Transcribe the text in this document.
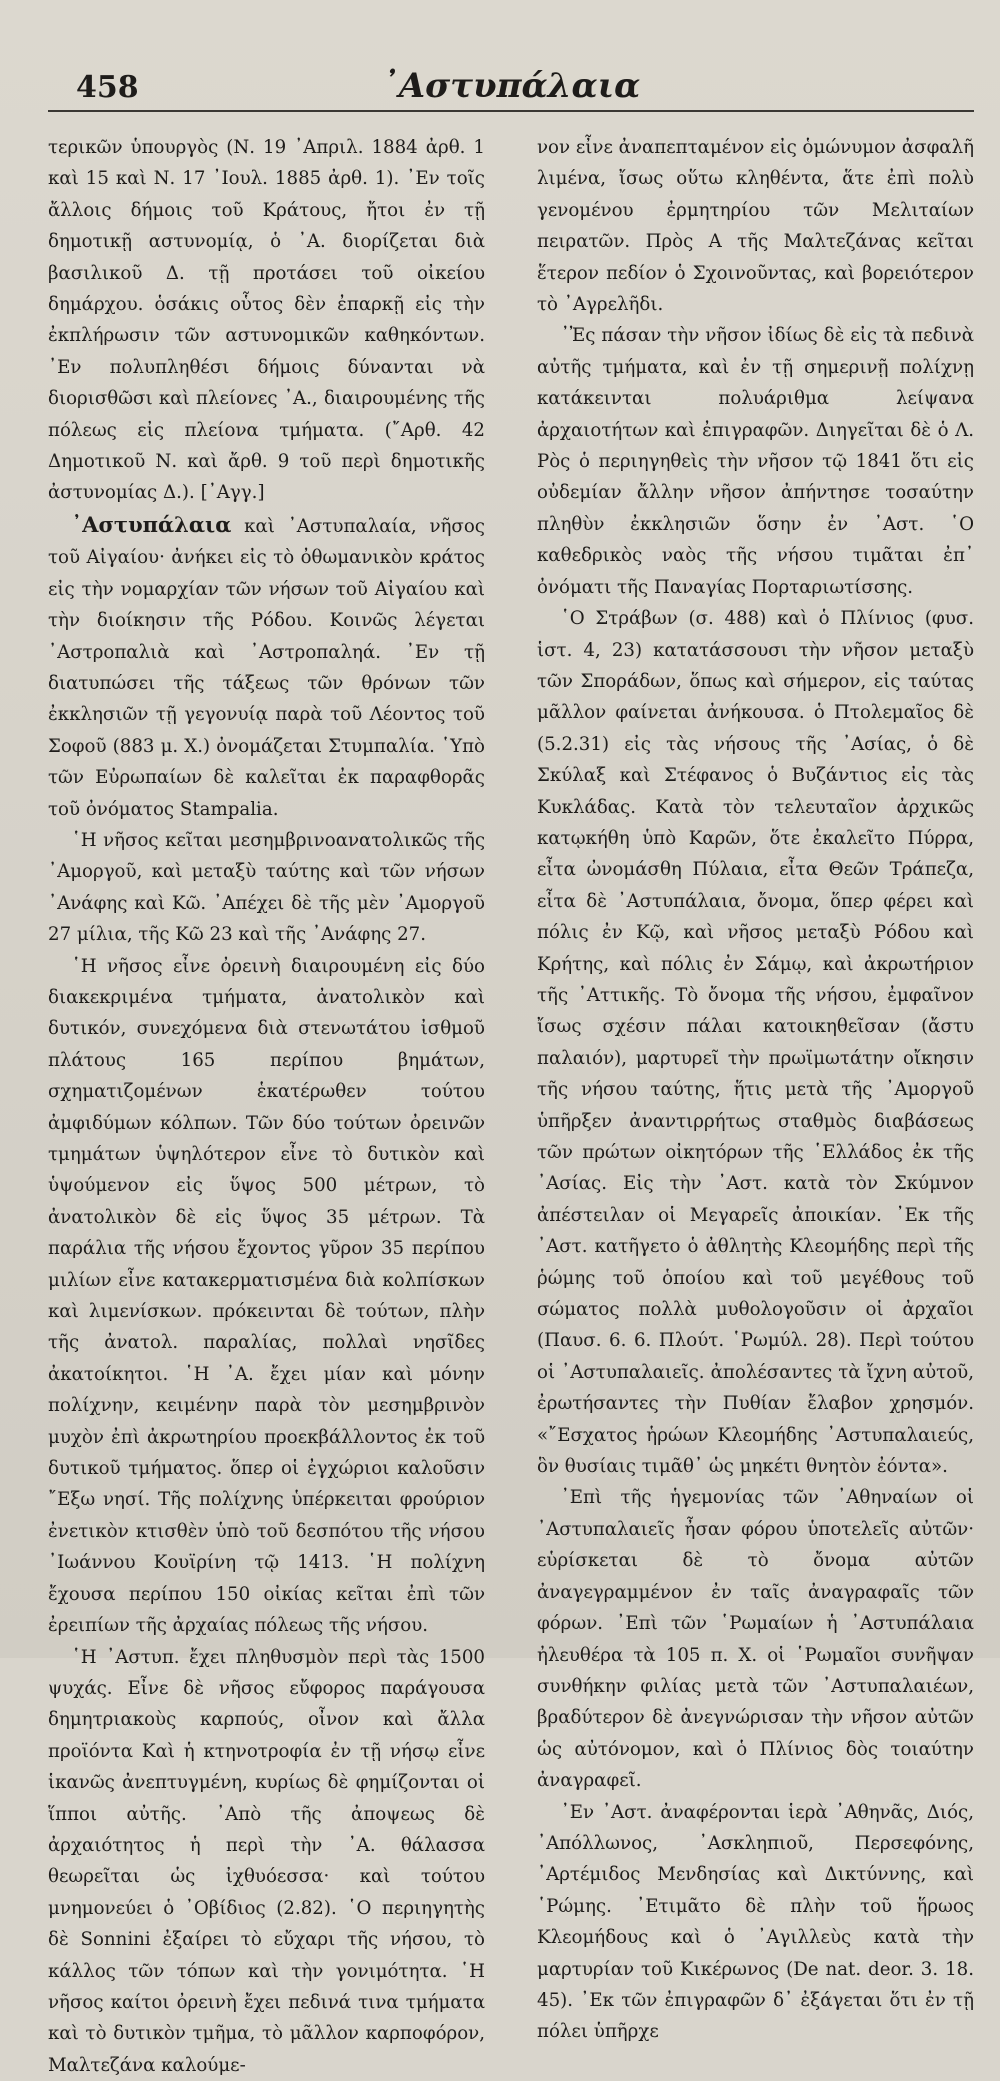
458	᾿Αστυπάλαια

τερικῶν ὑπουργὸς (Ν. 19 ᾿Απριλ. 1884 ἀρθ. 1 καὶ 15 καὶ Ν. 17 ᾿Ιουλ. 1885 ἀρθ. 1). ᾿Εν τοῖς ἄλλοις δήμοις τοῦ Κράτους, ἤτοι ἐν τῇ δημοτικῇ αστυνομίᾳ, ὁ ᾿Α. διορίζεται διὰ βασιλικοῦ Δ. τῇ προτάσει τοῦ οἰκείου δημάρχου. ὁσάκις οὗτος δὲν ἐπαρκῇ εἰς τὴν ἐκπλήρωσιν τῶν αστυνομικῶν καθηκόντων. ᾿Εν πολυπληθέσι δήμοις δύνανται νὰ διορισθῶσι καὶ πλείονες ᾿Α., διαιρουμένης τῆς πόλεως εἰς πλείονα τμήματα. (῎Αρθ. 42 Δημοτικοῦ Ν. καὶ ἄρθ. 9 τοῦ περὶ δημοτικῆς ἀστυνομίας Δ.). [᾿Αγγ.]

᾿Αστυπάλαια καὶ ᾿Αστυπαλαία, νῆσος τοῦ Αἰγαίου· ἀνήκει εἰς τὸ ὀθωμανικὸν κράτος εἰς τὴν νομαρχίαν τῶν νήσων τοῦ Αἰγαίου καὶ τὴν διοίκησιν τῆς Ρόδου. Κοινῶς λέγεται ᾿Αστροπαλιὰ καὶ ᾿Αστροπαληά. ᾿Εν τῇ διατυπώσει τῆς τάξεως τῶν θρόνων τῶν ἐκκλησιῶν τῇ γεγονυίᾳ παρὰ τοῦ Λέοντος τοῦ Σοφοῦ (883 μ. Χ.) ὀνομάζεται Στυμπαλία. ῾Υπὸ τῶν Εὐρωπαίων δὲ καλεῖται ἐκ παραφθορᾶς τοῦ ὀνόματος Stampalia.

῾Η νῆσος κεῖται μεσημβρινοανατολικῶς τῆς ᾿Αμοργοῦ, καὶ μεταξὺ ταύτης καὶ τῶν νήσων ᾿Ανάφης καὶ Κῶ. ᾿Απέχει δὲ τῆς μὲν ᾿Αμοργοῦ 27 μίλια, τῆς Κῶ 23 καὶ τῆς ᾿Ανάφης 27.

῾Η νῆσος εἶνε ὀρεινὴ διαιρουμένη εἰς δύο διακεκριμένα τμήματα, ἀνατολικὸν καὶ δυτικόν, συνεχόμενα διὰ στενωτάτου ἰσθμοῦ πλάτους 165 περίπου βημάτων, σχηματιζομένων ἑκατέρωθεν τούτου ἀμφιδύμων κόλπων. Τῶν δύο τούτων ὀρεινῶν τμημάτων ὑψηλότερον εἶνε τὸ δυτικὸν καὶ ὑψούμενον εἰς ὕψος 500 μέτρων, τὸ ἀνατολικὸν δὲ εἰς ὕψος 35 μέτρων. Τὰ παράλια τῆς νήσου ἔχοντος γῦρον 35 περίπου μιλίων εἶνε κατακερματισμένα διὰ κολπίσκων καὶ λιμενίσκων. πρόκεινται δὲ τούτων, πλὴν τῆς ἀνατολ. παραλίας, πολλαὶ νησῖδες ἀκατοίκητοι. ῾Η ᾿Α. ἔχει μίαν καὶ μόνην πολίχνην, κειμένην παρὰ τὸν μεσημβρινὸν μυχὸν ἐπὶ ἀκρωτηρίου προεκβάλλοντος ἐκ τοῦ δυτικοῦ τμήματος. ὅπερ οἱ ἐγχώριοι καλοῦσιν ῎Εξω νησί. Τῆς πολίχνης ὑπέρκειται φρούριον ἐνετικὸν κτισθὲν ὑπὸ τοῦ δεσπότου τῆς νήσου ᾿Ιωάννου Κουϊρίνη τῷ 1413. ῾Η πολίχνη ἔχουσα περίπου 150 οἰκίας κεῖται ἐπὶ τῶν ἐρειπίων τῆς ἀρχαίας πόλεως τῆς νήσου.

῾Η ᾿Αστυπ. ἔχει πληθυσμὸν περὶ τὰς 1500 ψυχάς. Εἶνε δὲ νῆσος εὔφορος παράγουσα δημητριακοὺς καρπούς, οἶνον καὶ ἄλλα προϊόντα Καὶ ἡ κτηνοτροφία ἐν τῇ νήσῳ εἶνε ἱκανῶς ἀνεπτυγμένη, κυρίως δὲ φημίζονται οἱ ἵπποι αὐτῆς. ᾿Απὸ τῆς ἀποψεως δὲ ἀρχαιότητος ἡ περὶ τὴν ᾿Α. θάλασσα θεωρεῖται ὡς ἰχθυόεσσα· καὶ τούτου μνημονεύει ὁ ᾿Οβίδιος (2.82). ῾Ο περιηγητὴς δὲ Sonnini ἐξαίρει τὸ εὔχαρι τῆς νήσου, τὸ κάλλος τῶν τόπων καὶ τὴν γονιμότητα. ῾Η νῆσος καίτοι ὀρεινὴ ἔχει πεδινά τινα τμήματα καὶ τὸ δυτικὸν τμῆμα, τὸ μᾶλλον καρποφόρον, Μαλτεζάνα καλούμε-

νον εἶνε ἀναπεπταμένον εἰς ὁμώνυμον ἀσφαλῆ λιμένα, ἴσως οὕτω κληθέντα, ἅτε ἐπὶ πολὺ γενομένου ἐρμητηρίου τῶν Μελιταίων πειρατῶν. Πρὸς Α τῆς Μαλτεζάνας κεῖται ἕτερον πεδίον ὁ Σχοινοῦντας, καὶ βορειότερον τὸ ᾿Αγρελῆδι.

᾿Ἐς πάσαν τὴν νῆσον ἰδίως δὲ εἰς τὰ πεδινὰ αὐτῆς τμήματα, καὶ ἐν τῇ σημερινῇ πολίχνῃ κατάκεινται πολυάριθμα λείψανα ἀρχαιοτήτων καὶ ἐπιγραφῶν. Διηγεῖται δὲ ὁ Λ. Ρὸς ὁ περιηγηθεὶς τὴν νῆσον τῷ 1841 ὅτι εἰς οὐδεμίαν ἄλλην νῆσον ἀπήντησε τοσαύτην πληθὺν ἐκκλησιῶν ὅσην ἐν ᾿Αστ. ῾Ο καθεδρικὸς ναὸς τῆς νήσου τιμᾶται ἐπ᾿ ὀνόματι τῆς Παναγίας Πορταριωτίσσης.

῾Ο Στράβων (σ. 488) καὶ ὁ Πλίνιος (φυσ. ἱστ. 4, 23) κατατάσσουσι τὴν νῆσον μεταξὺ τῶν Σποράδων, ὅπως καὶ σήμερον, εἰς ταύτας μᾶλλον φαίνεται ἀνήκουσα. ὁ Πτολεμαῖος δὲ (5.2.31) εἰς τὰς νήσους τῆς ᾿Ασίας, ὁ δὲ Σκύλαξ καὶ Στέφανος ὁ Βυζάντιος εἰς τὰς Κυκλάδας. Κατὰ τὸν τελευταῖον ἀρχικῶς κατῳκήθη ὑπὸ Καρῶν, ὅτε ἐκαλεῖτο Πύρρα, εἶτα ὠνομάσθη Πύλαια, εἶτα Θεῶν Τράπεζα, εἶτα δὲ ᾿Αστυπάλαια, ὄνομα, ὅπερ φέρει καὶ πόλις ἐν Κῷ, καὶ νῆσος μεταξὺ Ρόδου καὶ Κρήτης, καὶ πόλις ἐν Σάμῳ, καὶ ἀκρωτήριον τῆς ᾿Αττικῆς. Τὸ ὄνομα τῆς νήσου, ἐμφαῖνον ἴσως σχέσιν πάλαι κατοικηθεῖσαν (ἄστυ παλαιόν), μαρτυρεῖ τὴν πρωϊμωτάτην οἴκησιν τῆς νήσου ταύτης, ἥτις μετὰ τῆς ᾿Αμοργοῦ ὑπῆρξεν ἀναντιρρήτως σταθμὸς διαβάσεως τῶν πρώτων οἰκητόρων τῆς ῾Ελλάδος ἐκ τῆς ᾿Ασίας. Εἰς τὴν ᾿Αστ. κατὰ τὸν Σκύμνον ἀπέστειλαν οἱ Μεγαρεῖς ἀποικίαν. ᾿Εκ τῆς ᾿Αστ. κατῆγετο ὁ ἀθλητὴς Κλεομήδης περὶ τῆς ῥώμης τοῦ ὁποίου καὶ τοῦ μεγέθους τοῦ σώματος πολλὰ μυθολογοῦσιν οἱ ἀρχαῖοι (Παυσ. 6. 6. Πλούτ. ῾Ρωμύλ. 28). Περὶ τούτου οἱ ᾿Αστυπαλαιεῖς. ἀπολέσαντες τὰ ἴχνη αὐτοῦ, ἐρωτήσαντες τὴν Πυθίαν ἔλαβον χρησμόν. «῎Εσχατος ἡρώων Κλεομήδης ᾿Αστυπαλαιεύς, ὃν θυσίαις τιμᾶθ᾿ ὡς μηκέτι θνητὸν ἐόντα».

᾿Επὶ τῆς ἡγεμονίας τῶν ᾿Αθηναίων οἱ ᾿Αστυπαλαιεῖς ἦσαν φόρου ὑποτελεῖς αὐτῶν· εὑρίσκεται δὲ τὸ ὄνομα αὐτῶν ἀναγεγραμμένον ἐν ταῖς ἀναγραφαῖς τῶν φόρων. ᾿Επὶ τῶν ῾Ρωμαίων ἡ ᾿Αστυπάλαια ἠλευθέρα τὰ 105 π. Χ. οἱ ῾Ρωμαῖοι συνῆψαν συνθήκην φιλίας μετὰ τῶν ᾿Αστυπαλαιέων, βραδύτερον δὲ ἀνεγνώρισαν τὴν νῆσον αὐτῶν ὡς αὐτόνομον, καὶ ὁ Πλίνιος δὸς τοιαύτην ἀναγραφεῖ.

᾿Εν ᾿Αστ. ἀναφέρονται ἱερὰ ᾿Αθηνᾶς, Διός, ᾿Απόλλωνος, ᾿Ασκληπιοῦ, Περσεφόνης, ᾿Αρτέμιδος Μενδησίας καὶ Δικτύννης, καὶ ῾Ρώμης. ᾿Ετιμᾶτο δὲ πλὴν τοῦ ἥρωος Κλεομήδους καὶ ὁ ᾿Αγιλλεὺς κατὰ τὴν μαρτυρίαν τοῦ Κικέρωνος (De nat. deor. 3. 18. 45). ᾿Εκ τῶν ἐπιγραφῶν δ᾿ ἐξάγεται ὅτι ἐν τῇ πόλει ὑπῆρχε
